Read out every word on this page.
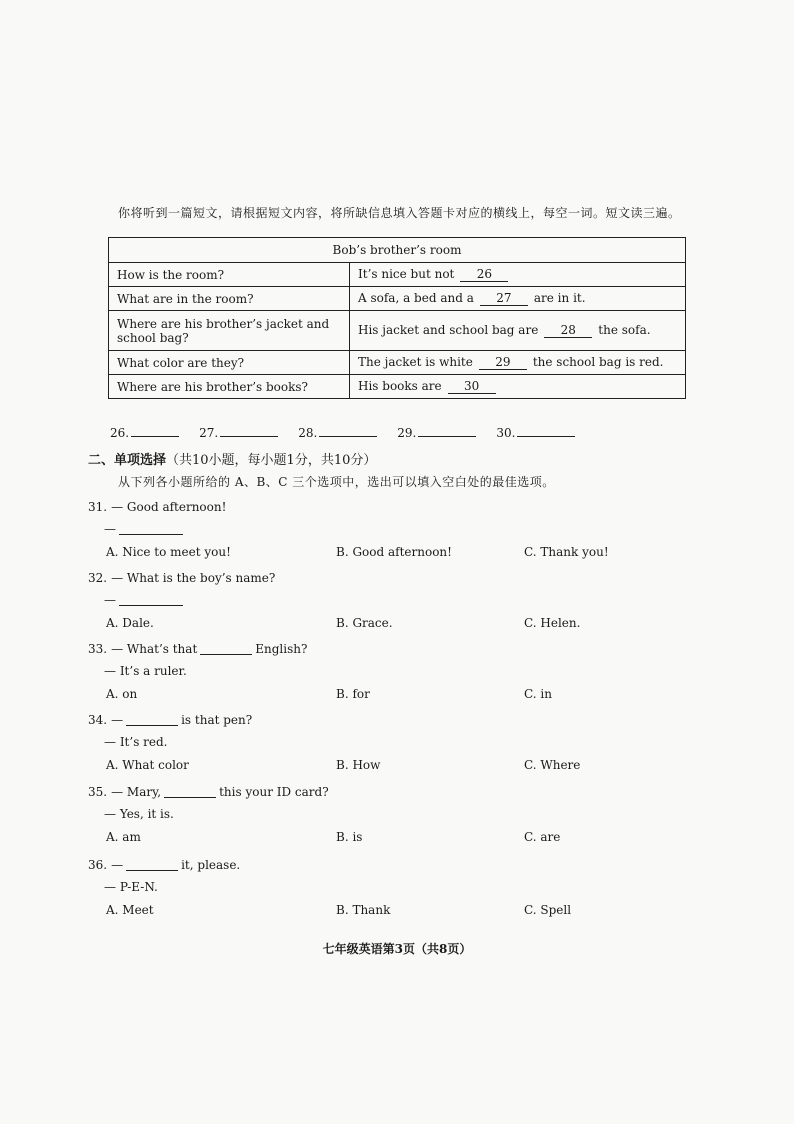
你将听到一篇短文，请根据短文内容，将所缺信息填入答题卡对应的横线上，每空一词。短文读三遍。
Bob’s brother’s room	
How is the room?	It’s nice but not 26
What are in the room?	A sofa, a bed and a 27 are in it.
Where are his brother’s jacket and school bag?	His jacket and school bag are 28 the sofa.
What color are they?	The jacket is white 29 the school bag is red.
Where are his brother’s books?	His books are 30
26.	27.	28.	29.	30.
二、单项选择（共10小题，每小题1分，共10分）
从下列各小题所给的 A、B、C 三个选项中，选出可以填入空白处的最佳选项。
31. — Good afternoon!
—
A. Nice to meet you!	B. Good afternoon!	C. Thank you!
32. — What is the boy’s name?
—
A. Dale.	B. Grace.	C. Helen.
33. — What’s that	English?
— It’s a ruler.
A. on	B. for	C. in
34. —	is that pen?
— It’s red.
A. What color	B. How	C. Where
35. — Mary,	this your ID card?
— Yes, it is.
A. am	B. is	C. are
36. —	it, please.
— P-E-N.
A. Meet	B. Thank	C. Spell
七年级英语第3页（共8页）
